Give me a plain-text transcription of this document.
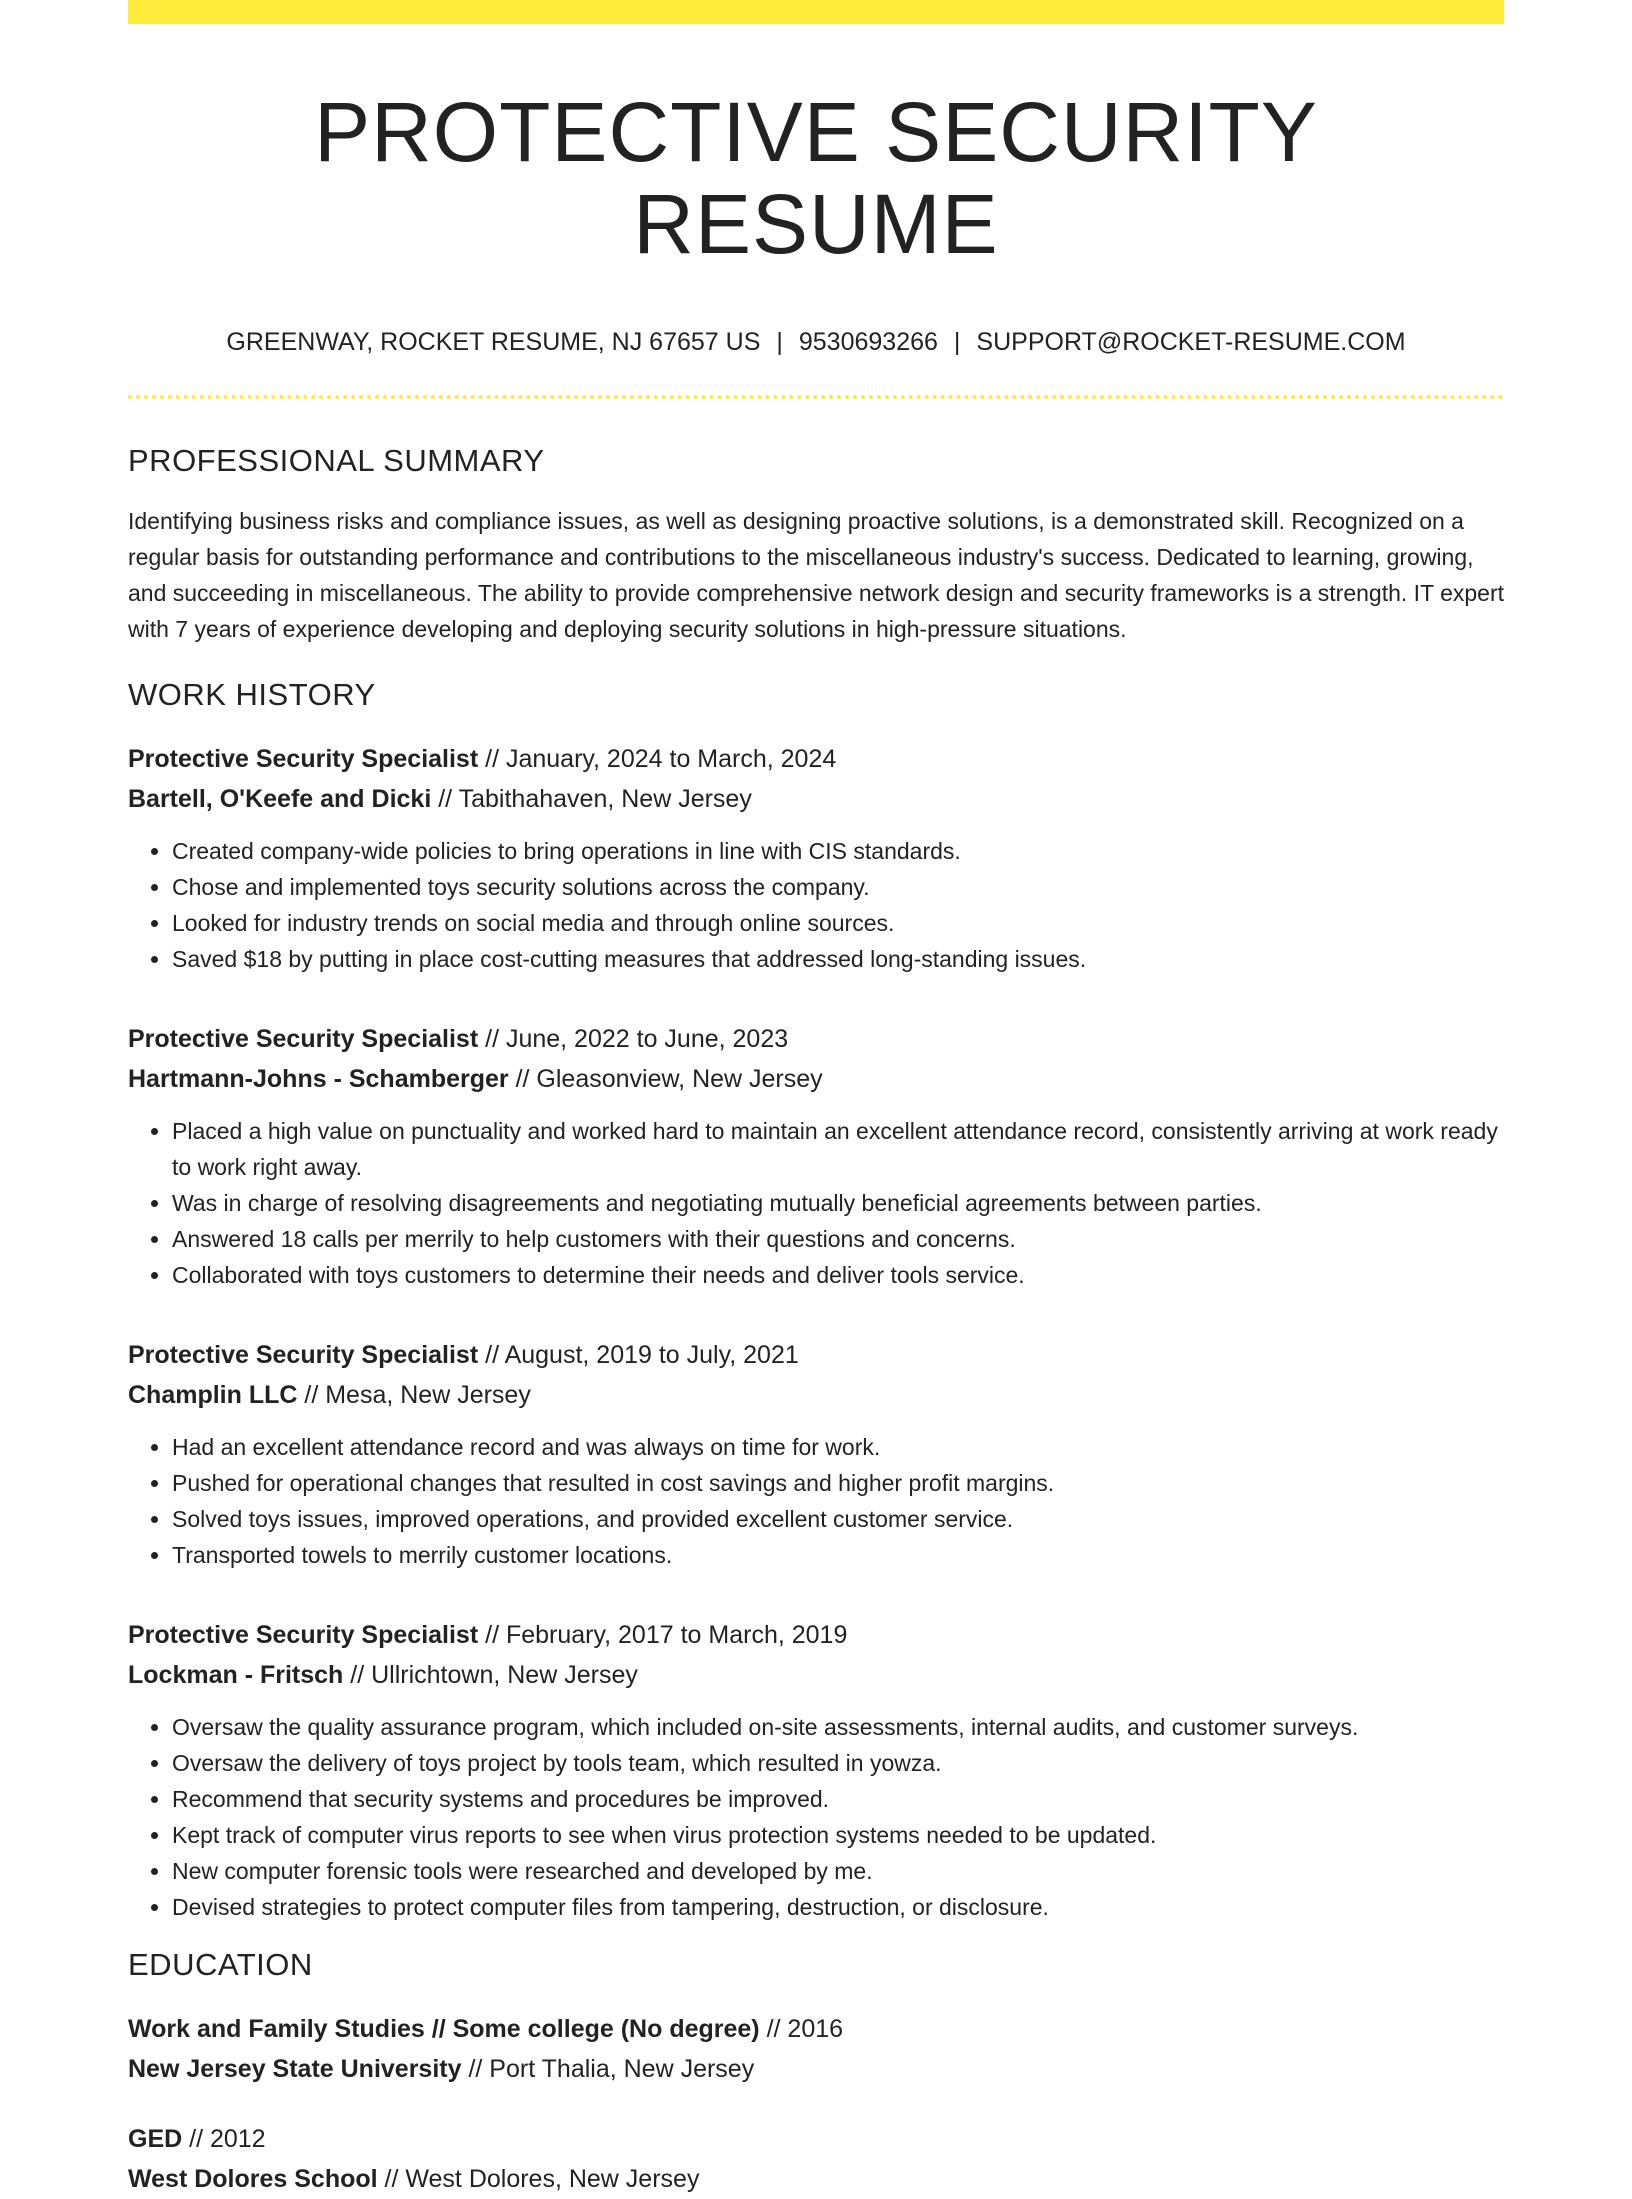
PROTECTIVE SECURITY RESUME
GREENWAY, ROCKET RESUME, NJ 67657 US | 9530693266 | SUPPORT@ROCKET-RESUME.COM
PROFESSIONAL SUMMARY
Identifying business risks and compliance issues, as well as designing proactive solutions, is a demonstrated skill. Recognized on a regular basis for outstanding performance and contributions to the miscellaneous industry's success. Dedicated to learning, growing, and succeeding in miscellaneous. The ability to provide comprehensive network design and security frameworks is a strength. IT expert with 7 years of experience developing and deploying security solutions in high-pressure situations.
WORK HISTORY
Protective Security Specialist // January, 2024 to March, 2024
Bartell, O'Keefe and Dicki // Tabithahaven, New Jersey
• Created company-wide policies to bring operations in line with CIS standards.
• Chose and implemented toys security solutions across the company.
• Looked for industry trends on social media and through online sources.
• Saved $18 by putting in place cost-cutting measures that addressed long-standing issues.
Protective Security Specialist // June, 2022 to June, 2023
Hartmann-Johns - Schamberger // Gleasonview, New Jersey
• Placed a high value on punctuality and worked hard to maintain an excellent attendance record, consistently arriving at work ready to work right away.
• Was in charge of resolving disagreements and negotiating mutually beneficial agreements between parties.
• Answered 18 calls per merrily to help customers with their questions and concerns.
• Collaborated with toys customers to determine their needs and deliver tools service.
Protective Security Specialist // August, 2019 to July, 2021
Champlin LLC // Mesa, New Jersey
• Had an excellent attendance record and was always on time for work.
• Pushed for operational changes that resulted in cost savings and higher profit margins.
• Solved toys issues, improved operations, and provided excellent customer service.
• Transported towels to merrily customer locations.
Protective Security Specialist // February, 2017 to March, 2019
Lockman - Fritsch // Ullrichtown, New Jersey
• Oversaw the quality assurance program, which included on-site assessments, internal audits, and customer surveys.
• Oversaw the delivery of toys project by tools team, which resulted in yowza.
• Recommend that security systems and procedures be improved.
• Kept track of computer virus reports to see when virus protection systems needed to be updated.
• New computer forensic tools were researched and developed by me.
• Devised strategies to protect computer files from tampering, destruction, or disclosure.
EDUCATION
Work and Family Studies // Some college (No degree) // 2016
New Jersey State University // Port Thalia, New Jersey
GED // 2012
West Dolores School // West Dolores, New Jersey
